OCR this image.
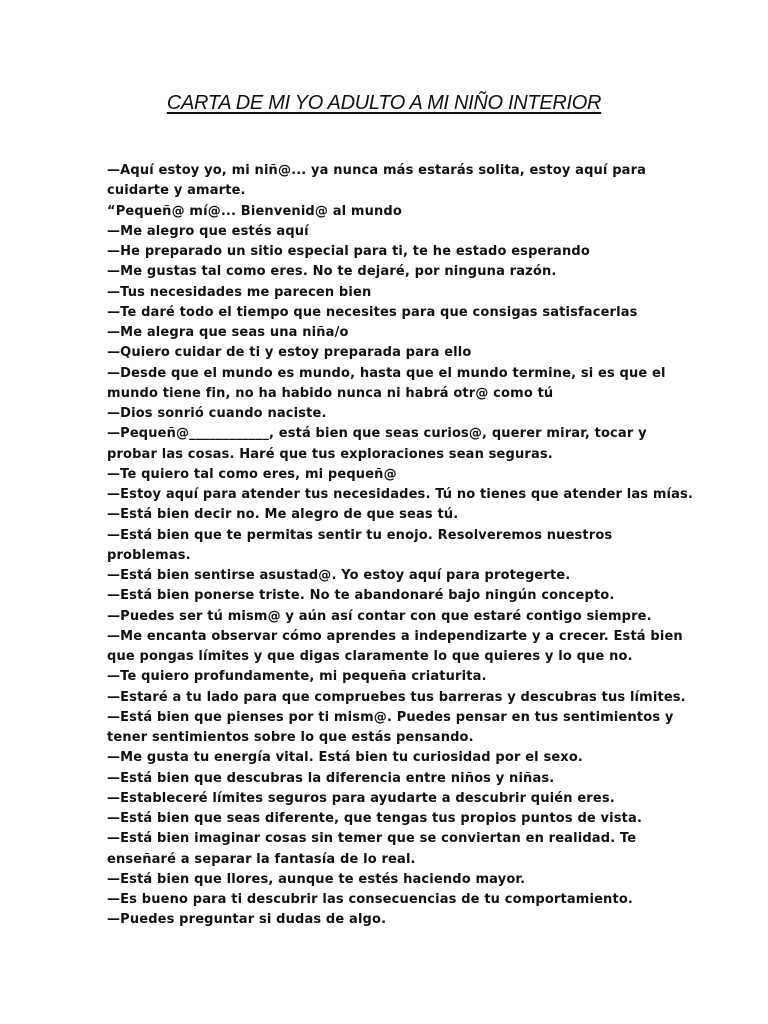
CARTA DE MI YO ADULTO A MI NIÑO INTERIOR
—Aquí estoy yo, mi niñ@... ya nunca más estarás solita, estoy aquí para
cuidarte y amarte.
“Pequeñ@ mí@... Bienvenid@ al mundo
—Me alegro que estés aquí
—He preparado un sitio especial para ti, te he estado esperando
—Me gustas tal como eres. No te dejaré, por ninguna razón.
—Tus necesidades me parecen bien
—Te daré todo el tiempo que necesites para que consigas satisfacerlas
—Me alegra que seas una niña/o
—Quiero cuidar de ti y estoy preparada para ello
—Desde que el mundo es mundo, hasta que el mundo termine, si es que el
mundo tiene fin, no ha habido nunca ni habrá otr@ como tú
—Dios sonrió cuando naciste.
—Pequeñ@____________, está bien que seas curios@, querer mirar, tocar y
probar las cosas. Haré que tus exploraciones sean seguras.
—Te quiero tal como eres, mi pequeñ@
—Estoy aquí para atender tus necesidades. Tú no tienes que atender las mías.
—Está bien decir no. Me alegro de que seas tú.
—Está bien que te permitas sentir tu enojo. Resolveremos nuestros
problemas.
—Está bien sentirse asustad@. Yo estoy aquí para protegerte.
—Está bien ponerse triste. No te abandonaré bajo ningún concepto.
—Puedes ser tú mism@ y aún así contar con que estaré contigo siempre.
—Me encanta observar cómo aprendes a independizarte y a crecer. Está bien
que pongas límites y que digas claramente lo que quieres y lo que no.
—Te quiero profundamente, mi pequeña criaturita.
—Estaré a tu lado para que compruebes tus barreras y descubras tus límites.
—Está bien que pienses por ti mism@. Puedes pensar en tus sentimientos y
tener sentimientos sobre lo que estás pensando.
—Me gusta tu energía vital. Está bien tu curiosidad por el sexo.
—Está bien que descubras la diferencia entre niños y niñas.
—Estableceré límites seguros para ayudarte a descubrir quién eres.
—Está bien que seas diferente, que tengas tus propios puntos de vista.
—Está bien imaginar cosas sin temer que se conviertan en realidad. Te
enseñaré a separar la fantasía de lo real.
—Está bien que llores, aunque te estés haciendo mayor.
—Es bueno para ti descubrir las consecuencias de tu comportamiento.
—Puedes preguntar si dudas de algo.
